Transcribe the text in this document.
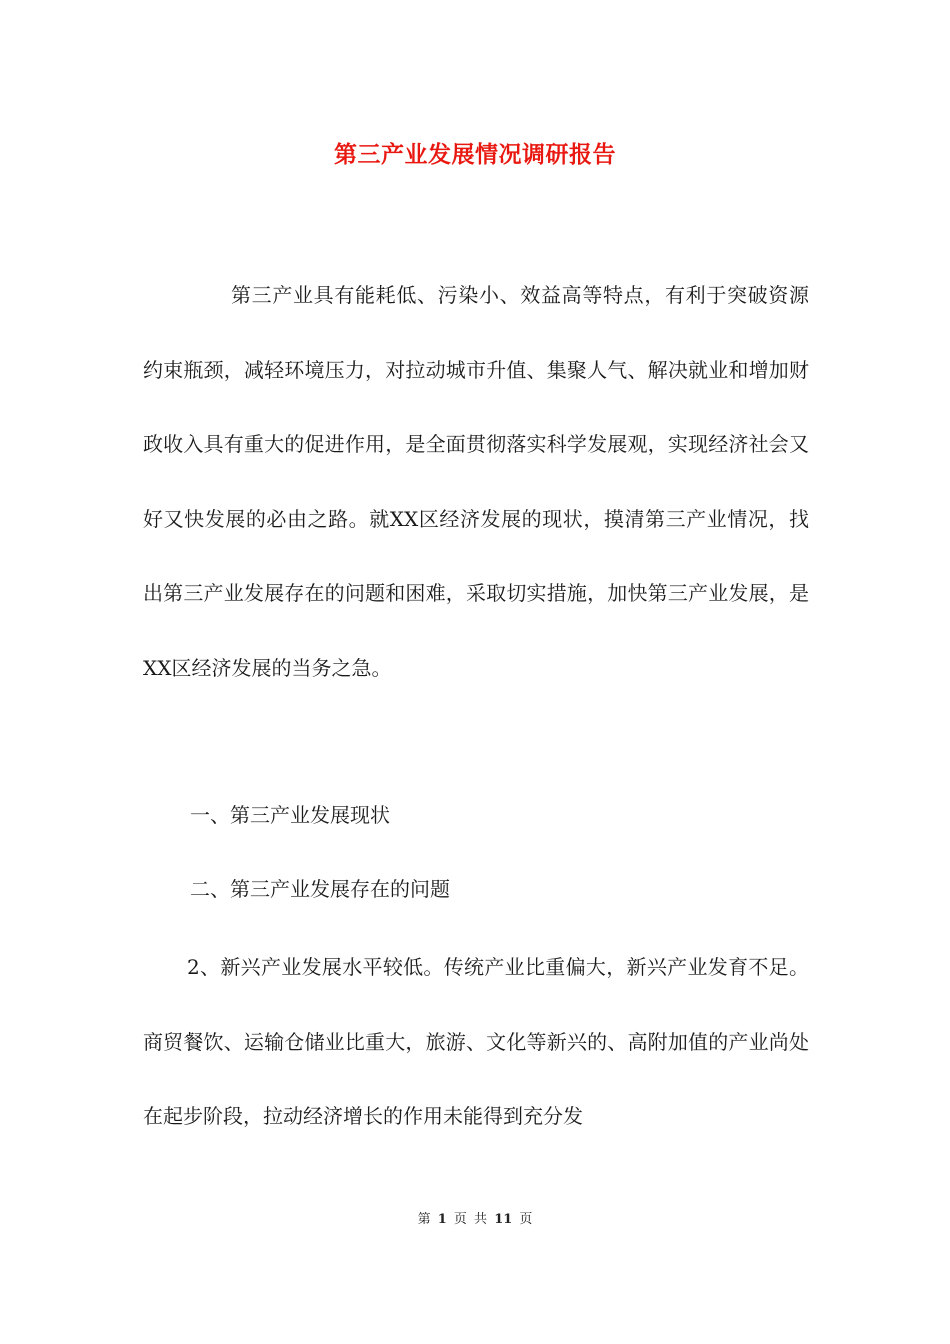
第三产业发展情况调研报告
第三产业具有能耗低、污染小、效益高等特点，有利于突破资源约束瓶颈，减轻环境压力，对拉动城市升值、集聚人气、解决就业和增加财政收入具有重大的促进作用，是全面贯彻落实科学发展观，实现经济社会又好又快发展的必由之路。就XX区经济发展的现状，摸清第三产业情况，找出第三产业发展存在的问题和困难，采取切实措施，加快第三产业发展，是XX区经济发展的当务之急。
一、第三产业发展现状
二、第三产业发展存在的问题
2、新兴产业发展水平较低。传统产业比重偏大，新兴产业发育不足。商贸餐饮、运输仓储业比重大，旅游、文化等新兴的、高附加值的产业尚处在起步阶段，拉动经济增长的作用未能得到充分发
第 1 页 共 11 页
